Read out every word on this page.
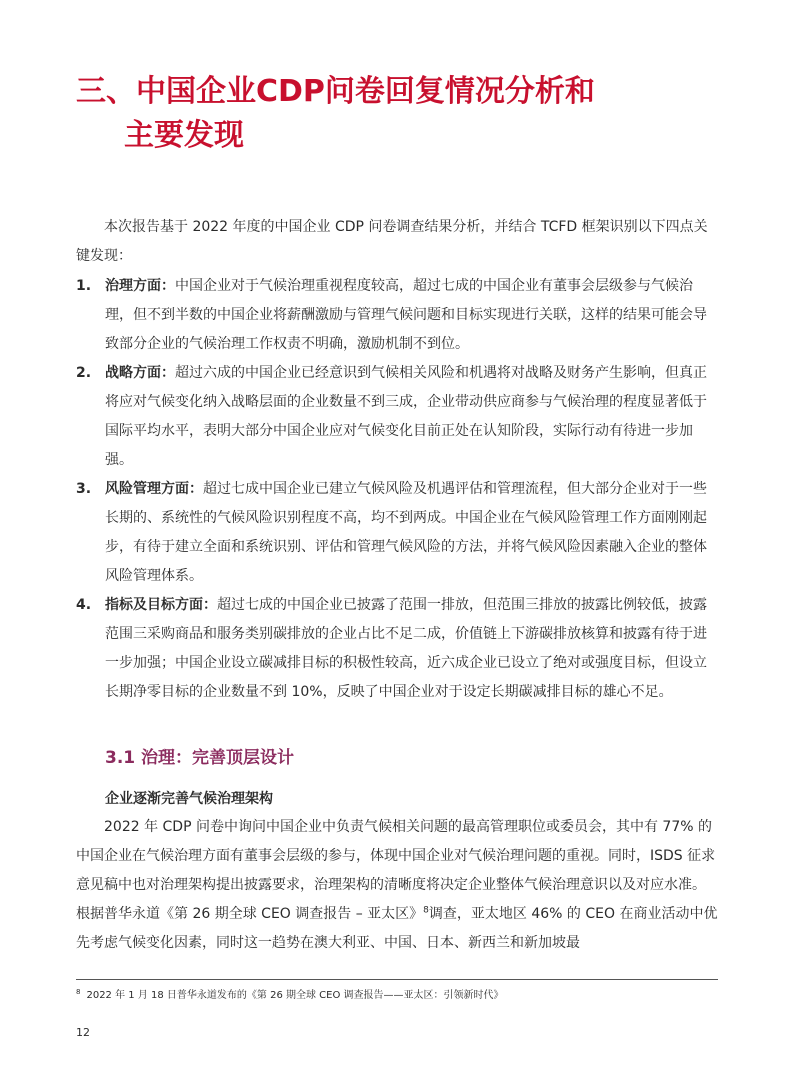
三、中国企业CDP问卷回复情况分析和
主要发现

本次报告基于 2022 年度的中国企业 CDP 问卷调查结果分析，并结合 TCFD 框架识别以下四点关键发现：

1. 治理方面：中国企业对于气候治理重视程度较高，超过七成的中国企业有董事会层级参与气候治理，但不到半数的中国企业将薪酬激励与管理气候问题和目标实现进行关联，这样的结果可能会导致部分企业的气候治理工作权责不明确，激励机制不到位。
2. 战略方面：超过六成的中国企业已经意识到气候相关风险和机遇将对战略及财务产生影响，但真正将应对气候变化纳入战略层面的企业数量不到三成，企业带动供应商参与气候治理的程度显著低于国际平均水平，表明大部分中国企业应对气候变化目前正处在认知阶段，实际行动有待进一步加强。
3. 风险管理方面：超过七成中国企业已建立气候风险及机遇评估和管理流程，但大部分企业对于一些长期的、系统性的气候风险识别程度不高，均不到两成。中国企业在气候风险管理工作方面刚刚起步，有待于建立全面和系统识别、评估和管理气候风险的方法，并将气候风险因素融入企业的整体风险管理体系。
4. 指标及目标方面：超过七成的中国企业已披露了范围一排放，但范围三排放的披露比例较低，披露范围三采购商品和服务类别碳排放的企业占比不足二成，价值链上下游碳排放核算和披露有待于进一步加强；中国企业设立碳减排目标的积极性较高，近六成企业已设立了绝对或强度目标，但设立长期净零目标的企业数量不到 10%，反映了中国企业对于设定长期碳减排目标的雄心不足。
3.1 治理：完善顶层设计
企业逐渐完善气候治理架构

2022 年 CDP 问卷中询问中国企业中负责气候相关问题的最高管理职位或委员会，其中有 77% 的中国企业在气候治理方面有董事会层级的参与，体现中国企业对气候治理问题的重视。同时，ISDS 征求意见稿中也对治理架构提出披露要求，治理架构的清晰度将决定企业整体气候治理意识以及对应水准。根据普华永道《第 26 期全球 CEO 调查报告 – 亚太区》$^8$调查，亚太地区 46% 的 CEO 在商业活动中优先考虑气候变化因素，同时这一趋势在澳大利亚、中国、日本、新西兰和新加坡最

$^8$ 2022 年 1 月 18 日普华永道发布的《第 26 期全球 CEO 调查报告——亚太区：引领新时代》
12
